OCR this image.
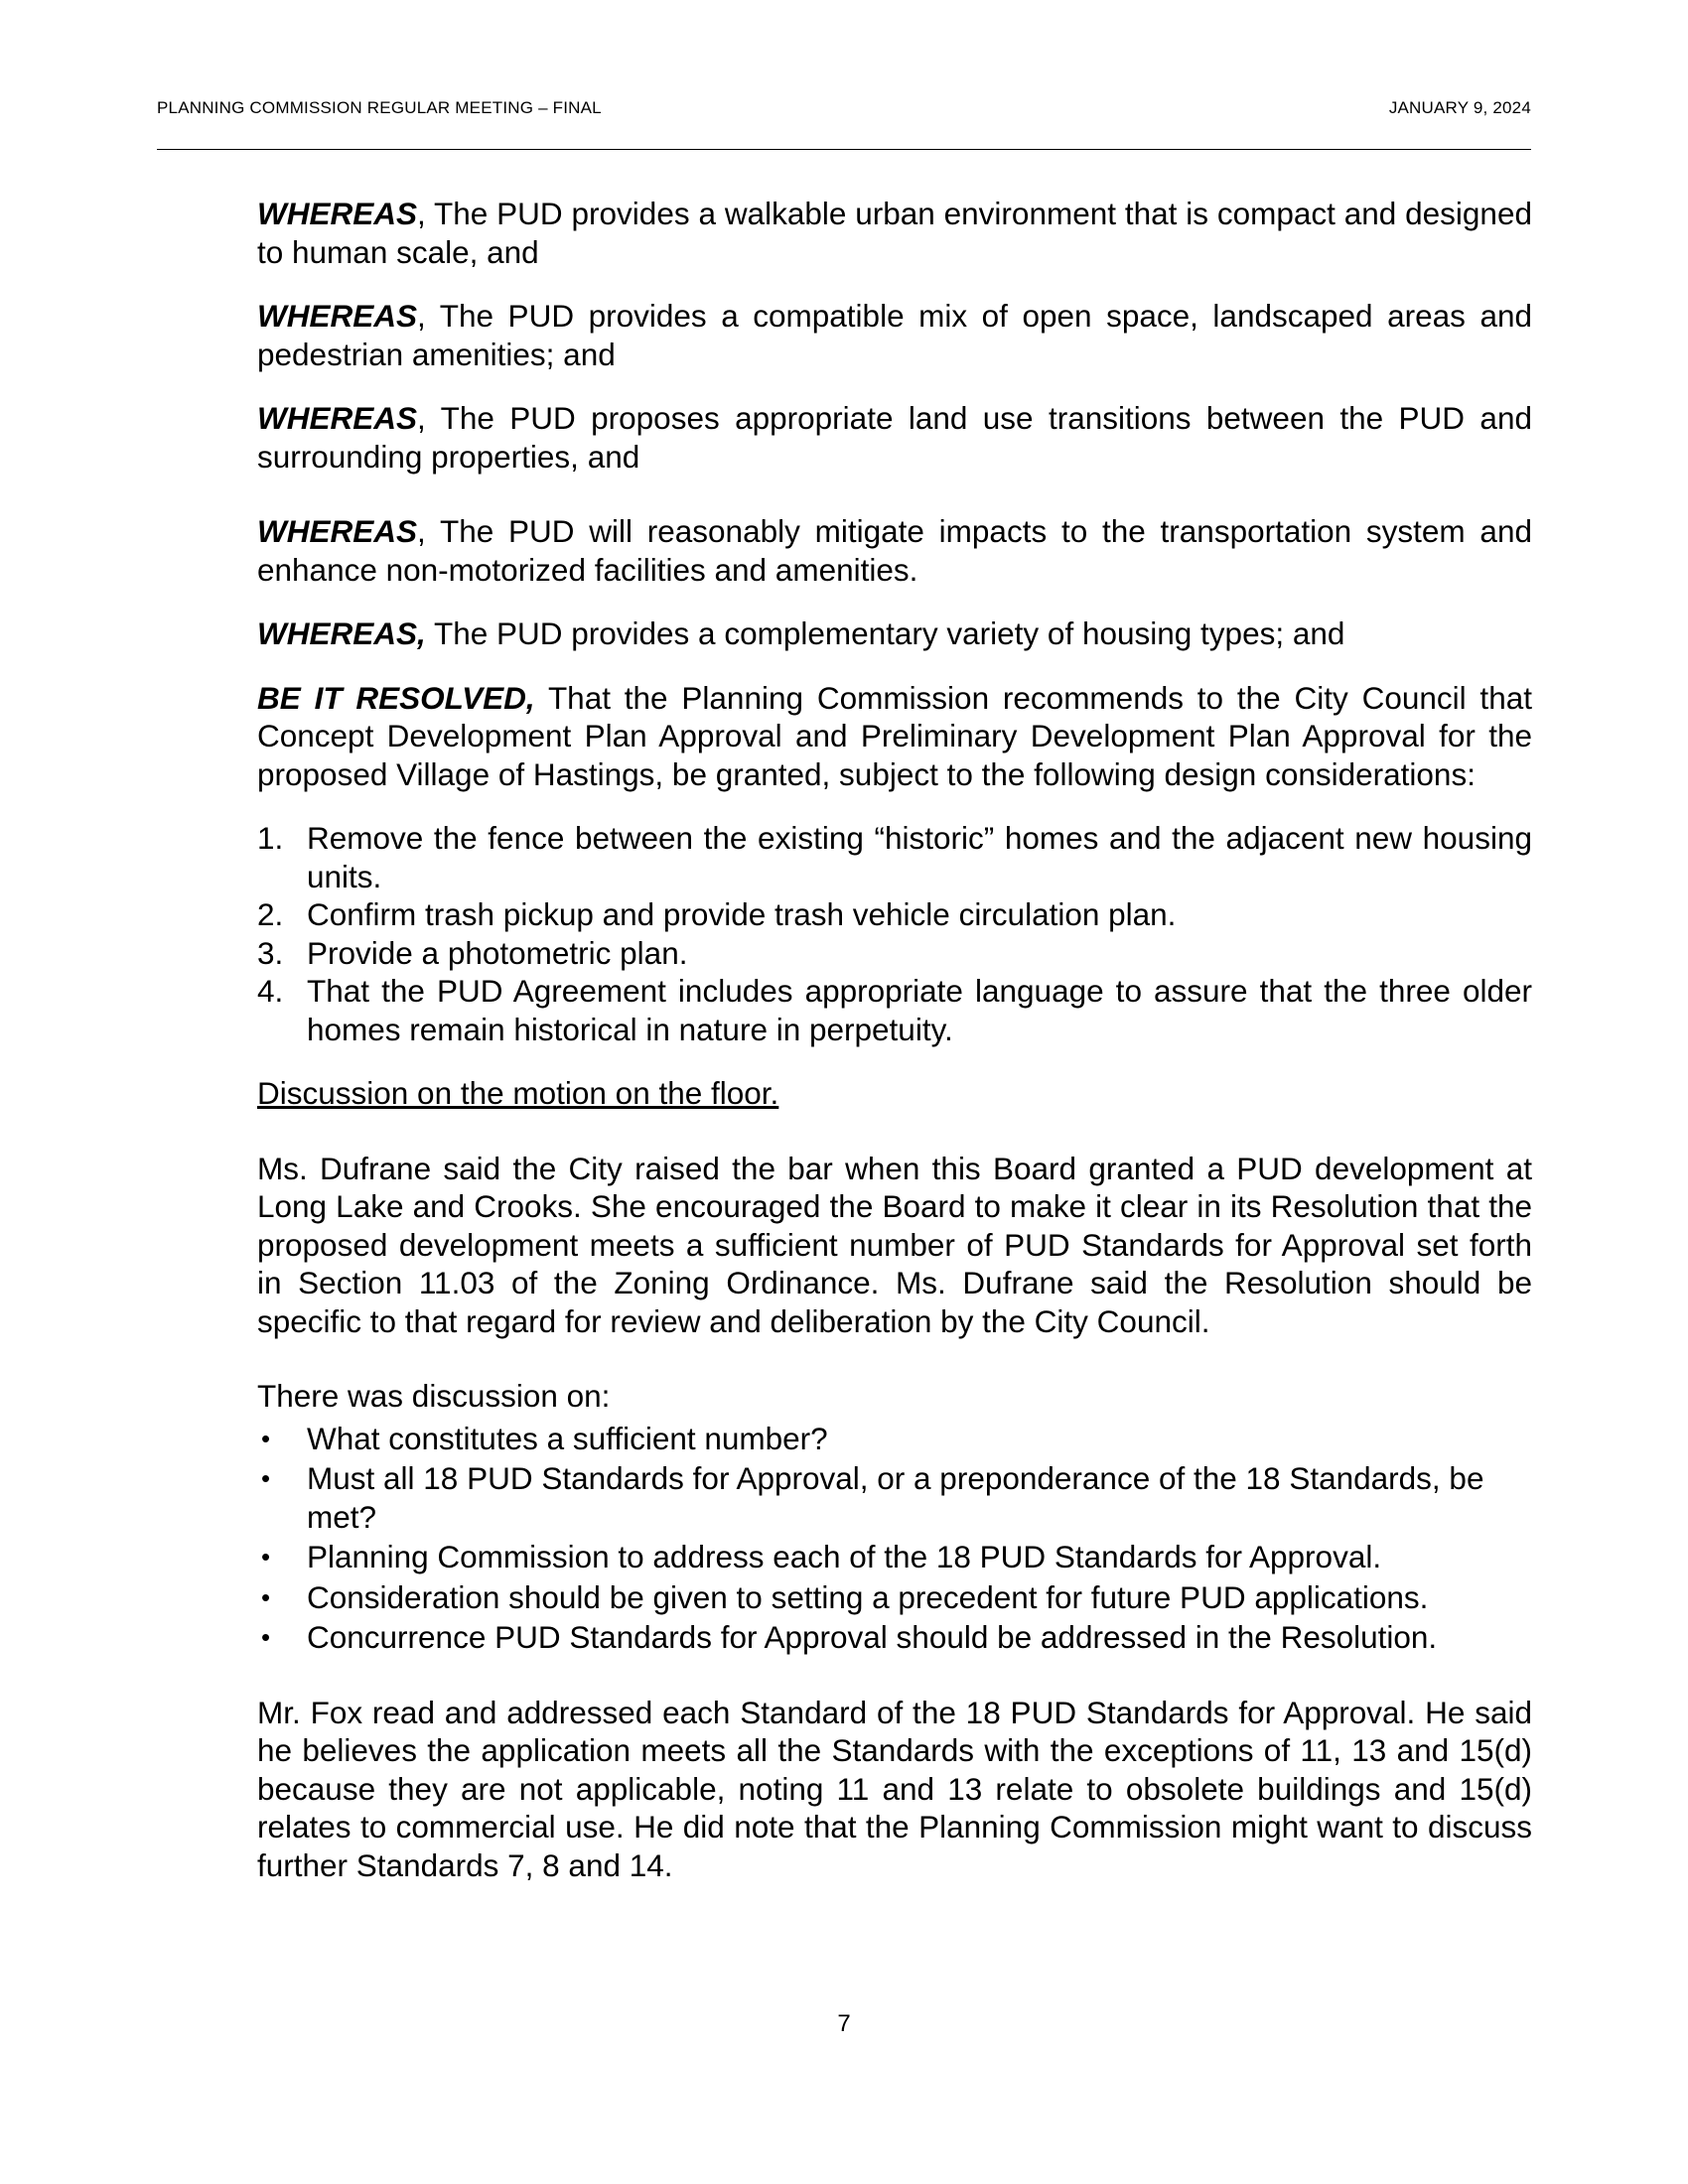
PLANNING COMMISSION REGULAR MEETING – FINAL	JANUARY 9, 2024

WHEREAS, The PUD provides a walkable urban environment that is compact and designed to human scale, and

WHEREAS, The PUD provides a compatible mix of open space, landscaped areas and pedestrian amenities; and

WHEREAS, The PUD proposes appropriate land use transitions between the PUD and surrounding properties, and

WHEREAS, The PUD will reasonably mitigate impacts to the transportation system and enhance non-motorized facilities and amenities.

WHEREAS, The PUD provides a complementary variety of housing types; and

BE IT RESOLVED, That the Planning Commission recommends to the City Council that Concept Development Plan Approval and Preliminary Development Plan Approval for the proposed Village of Hastings, be granted, subject to the following design considerations:

1. Remove the fence between the existing “historic” homes and the adjacent new housing units.
2. Confirm trash pickup and provide trash vehicle circulation plan.
3. Provide a photometric plan.
4. That the PUD Agreement includes appropriate language to assure that the three older homes remain historical in nature in perpetuity.

Discussion on the motion on the floor.

Ms. Dufrane said the City raised the bar when this Board granted a PUD development at Long Lake and Crooks. She encouraged the Board to make it clear in its Resolution that the proposed development meets a sufficient number of PUD Standards for Approval set forth in Section 11.03 of the Zoning Ordinance. Ms. Dufrane said the Resolution should be specific to that regard for review and deliberation by the City Council.

There was discussion on:

• What constitutes a sufficient number?
• Must all 18 PUD Standards for Approval, or a preponderance of the 18 Standards, be met?
• Planning Commission to address each of the 18 PUD Standards for Approval.
• Consideration should be given to setting a precedent for future PUD applications.
• Concurrence PUD Standards for Approval should be addressed in the Resolution.

Mr. Fox read and addressed each Standard of the 18 PUD Standards for Approval. He said he believes the application meets all the Standards with the exceptions of 11, 13 and 15(d) because they are not applicable, noting 11 and 13 relate to obsolete buildings and 15(d) relates to commercial use. He did note that the Planning Commission might want to discuss further Standards 7, 8 and 14.

7
